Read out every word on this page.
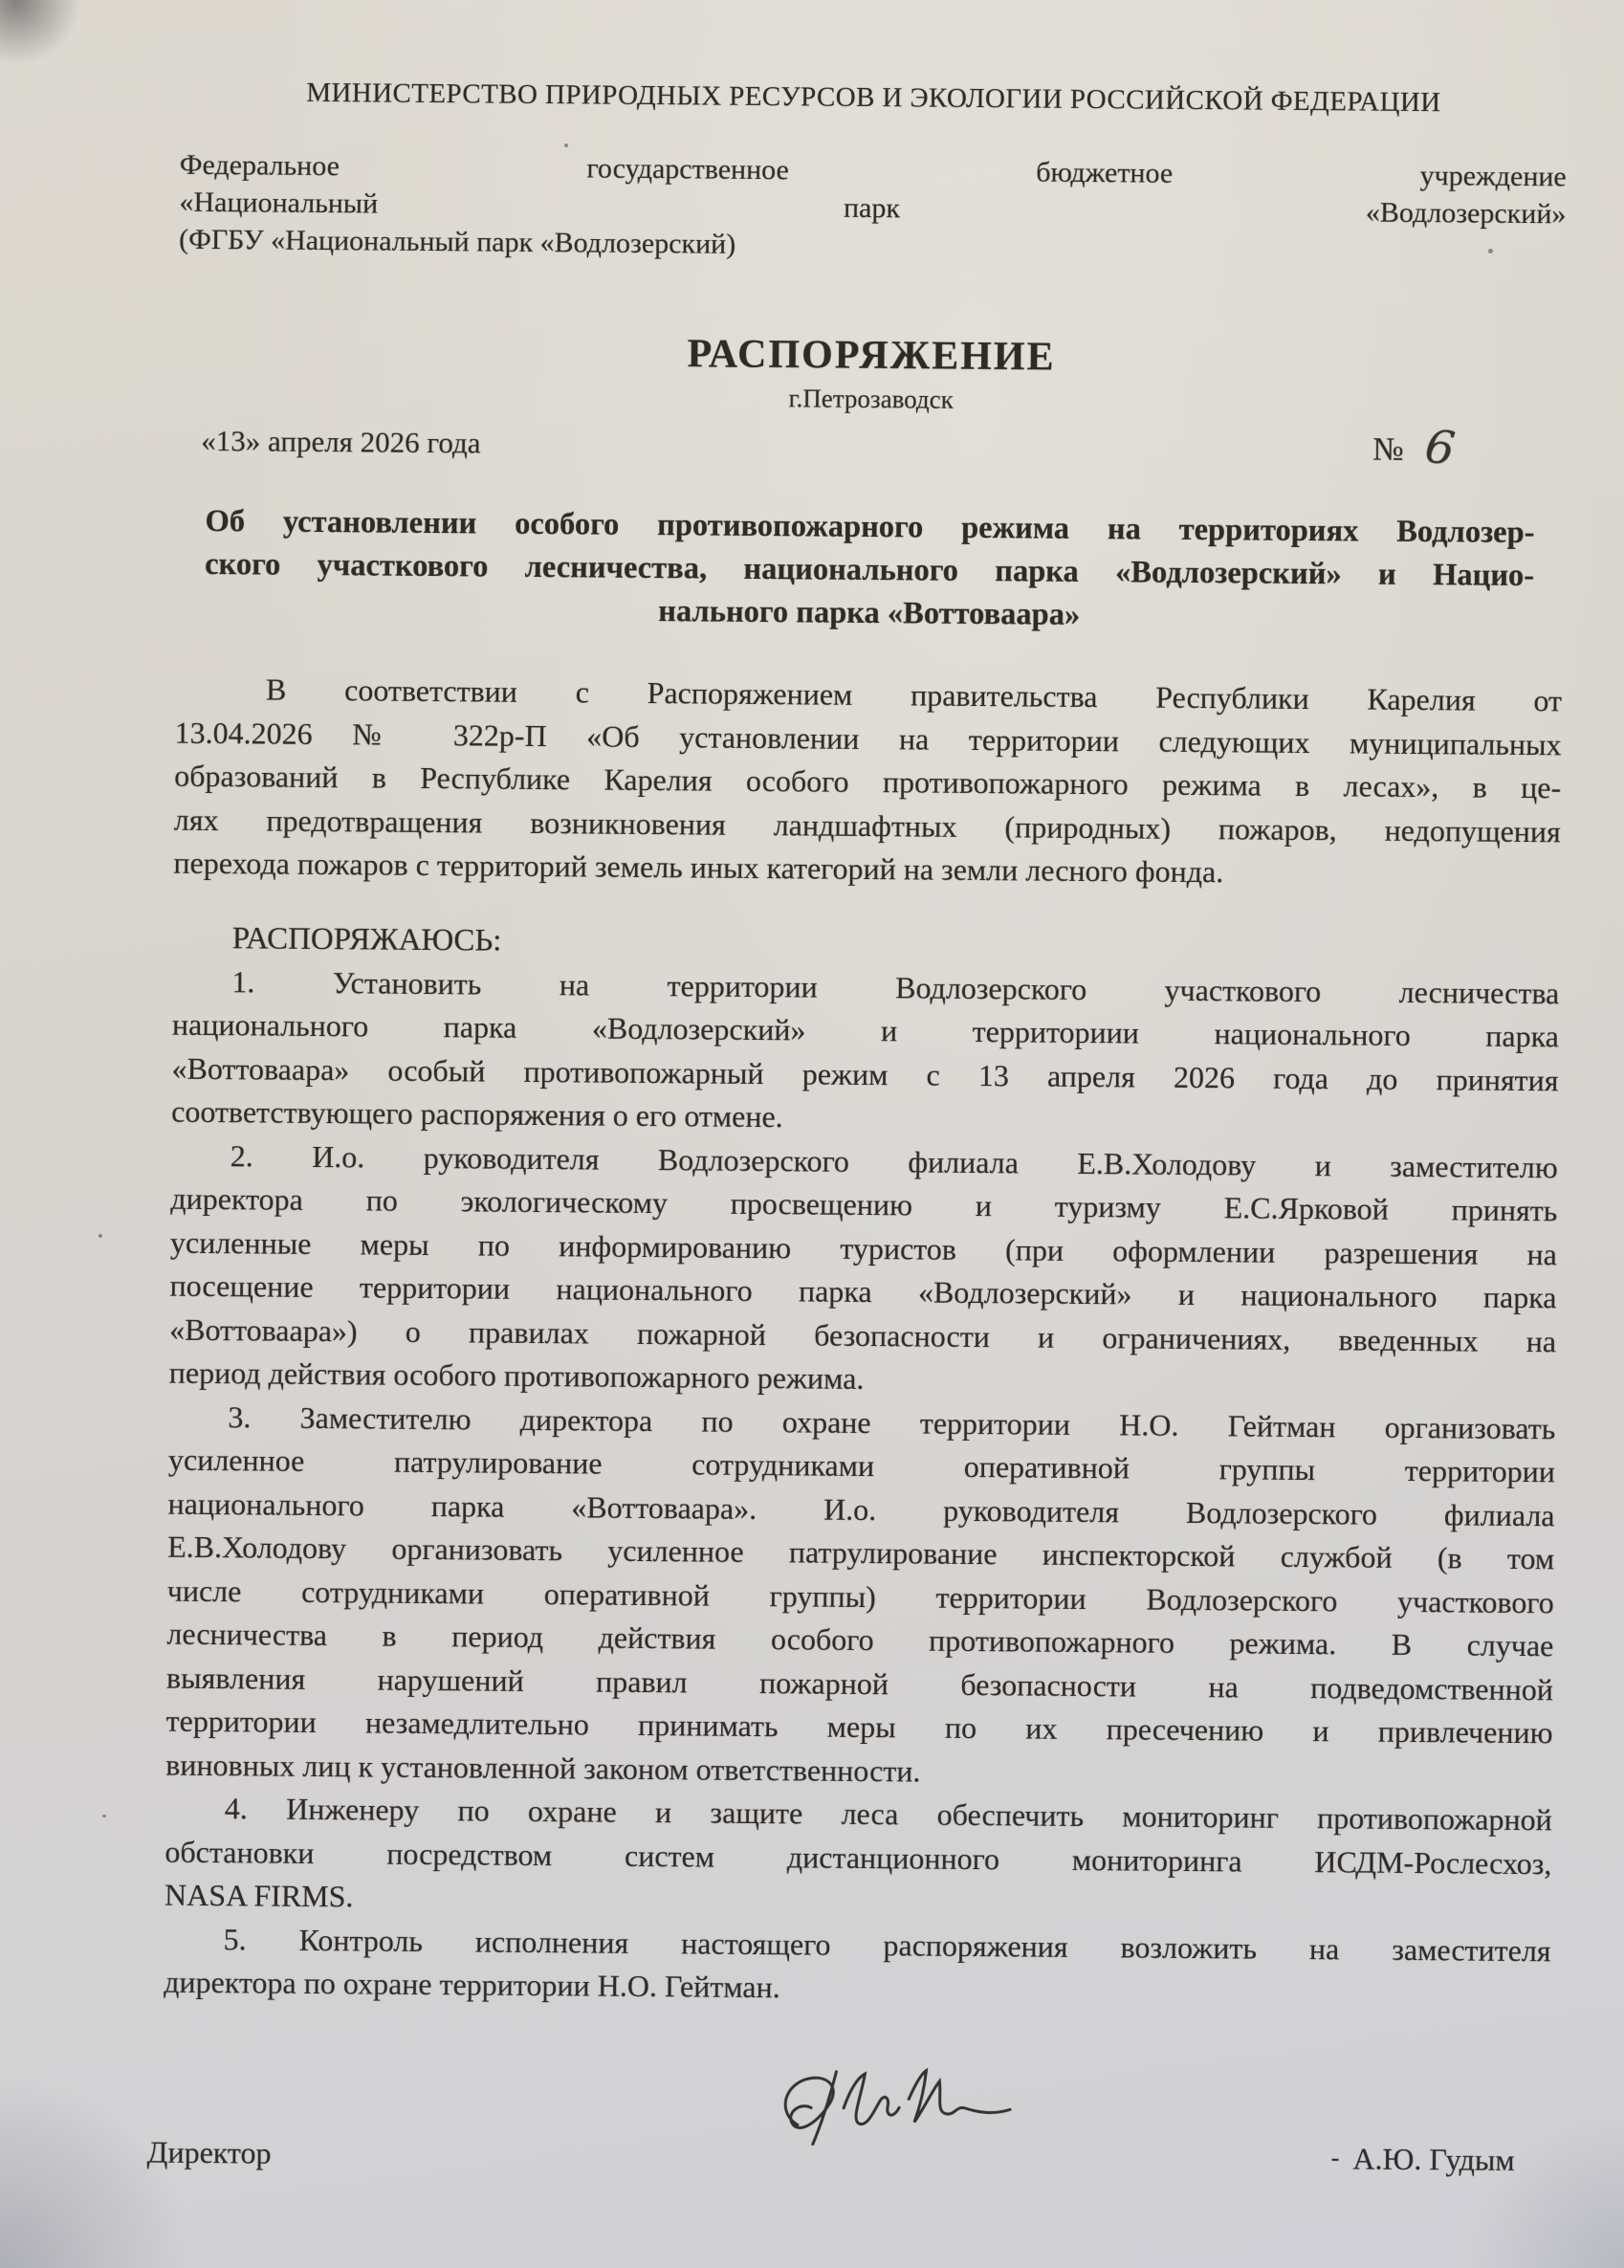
МИНИСТЕРСТВО ПРИРОДНЫХ РЕСУРСОВ И ЭКОЛОГИИ РОССИЙСКОЙ ФЕДЕРАЦИИ
Федеральное государственное бюджетное учреждение
«Национальный парк «Водлозерский»
(ФГБУ «Национальный парк «Водлозерский)
РАСПОРЯЖЕНИЕ
г.Петрозаводск
«13» апреля 2026 года	№ 6
Об установлении особого противопожарного режима на территориях Водлозер-
ского участкового лесничества, национального парка «Водлозерский» и Нацио-
нального парка «Воттоваара»
В соответствии с Распоряжением правительства Республики Карелия от
13.04.2026 № 322р-П «Об установлении на территории следующих муниципальных
образований в Республике Карелия особого противопожарного режима в лесах», в це-
лях предотвращения возникновения ландшафтных (природных) пожаров, недопущения
перехода пожаров с территорий земель иных категорий на земли лесного фонда.
РАСПОРЯЖАЮСЬ:
1. Установить на территории Водлозерского участкового лесничества
национального парка «Водлозерский» и территориии национального парка
«Воттоваара» особый противопожарный режим с 13 апреля 2026 года до принятия
соответствующего распоряжения о его отмене.
2. И.о. руководителя Водлозерского филиала Е.В.Холодову и заместителю
директора по экологическому просвещению и туризму Е.С.Ярковой принять
усиленные меры по информированию туристов (при оформлении разрешения на
посещение территории национального парка «Водлозерский» и национального парка
«Воттоваара») о правилах пожарной безопасности и ограничениях, введенных на
период действия особого противопожарного режима.
3. Заместителю директора по охране территории Н.О. Гейтман организовать
усиленное патрулирование сотрудниками оперативной группы территории
национального парка «Воттоваара». И.о. руководителя Водлозерского филиала
Е.В.Холодову организовать усиленное патрулирование инспекторской службой (в том
числе сотрудниками оперативной группы) территории Водлозерского участкового
лесничества в период действия особого противопожарного режима. В случае
выявления нарушений правил пожарной безопасности на подведомственной
территории незамедлительно принимать меры по их пресечению и привлечению
виновных лиц к установленной законом ответственности.
4. Инженеру по охране и защите леса обеспечить мониторинг противопожарной
обстановки посредством систем дистанционного мониторинга ИСДМ-Рослесхоз,
NASA FIRMS.
5. Контроль исполнения настоящего распоряжения возложить на заместителя
директора по охране территории Н.О. Гейтман.
Директор	- А.Ю. Гудым
